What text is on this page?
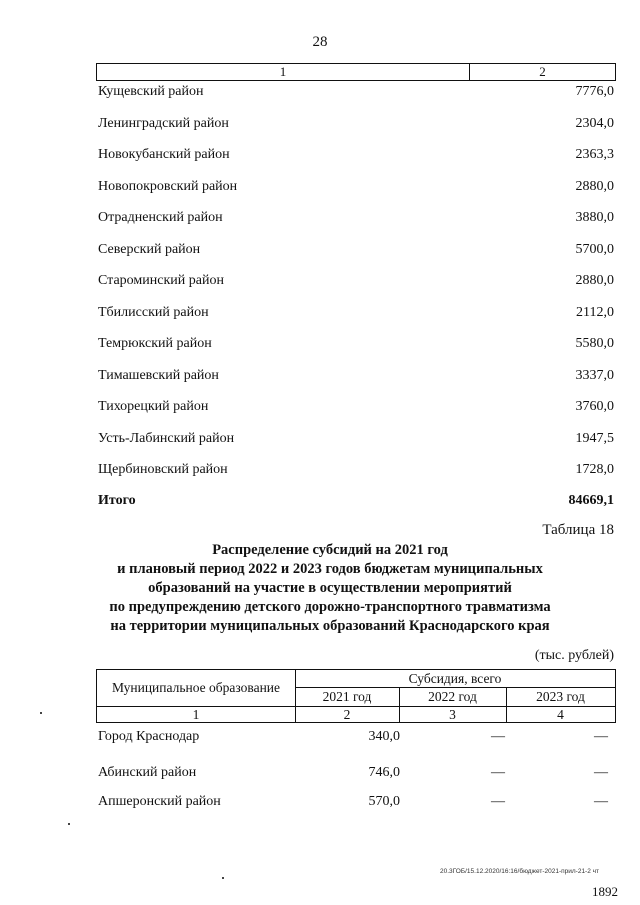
28
1	2
Кущевский район	7776,0
Ленинградский район	2304,0
Новокубанский район	2363,3
Новопокровский район	2880,0
Отрадненский район	3880,0
Северский район	5700,0
Староминский район	2880,0
Тбилисский район	2112,0
Темрюкский район	5580,0
Тимашевский район	3337,0
Тихорецкий район	3760,0
Усть-Лабинский район	1947,5
Щербиновский район	1728,0
Итого	84669,1
Таблица 18
Распределение субсидий на 2021 год
и плановый период 2022 и 2023 годов бюджетам муниципальных
образований на участие в осуществлении мероприятий
по предупреждению детского дорожно-транспортного травматизма
на территории муниципальных образований Краснодарского края
(тыс. рублей)
Муниципальное образование
Субсидия, всего
2021 год	2022 год	2023 год
1	2	3	4
Город Краснодар	340,0	—	—
Абинский район	746,0	—	—
Апшеронский район	570,0	—	—
20.3ГОБ/15.12.2020/16:16/бюджет-2021-прил-21-2 чт
1892
